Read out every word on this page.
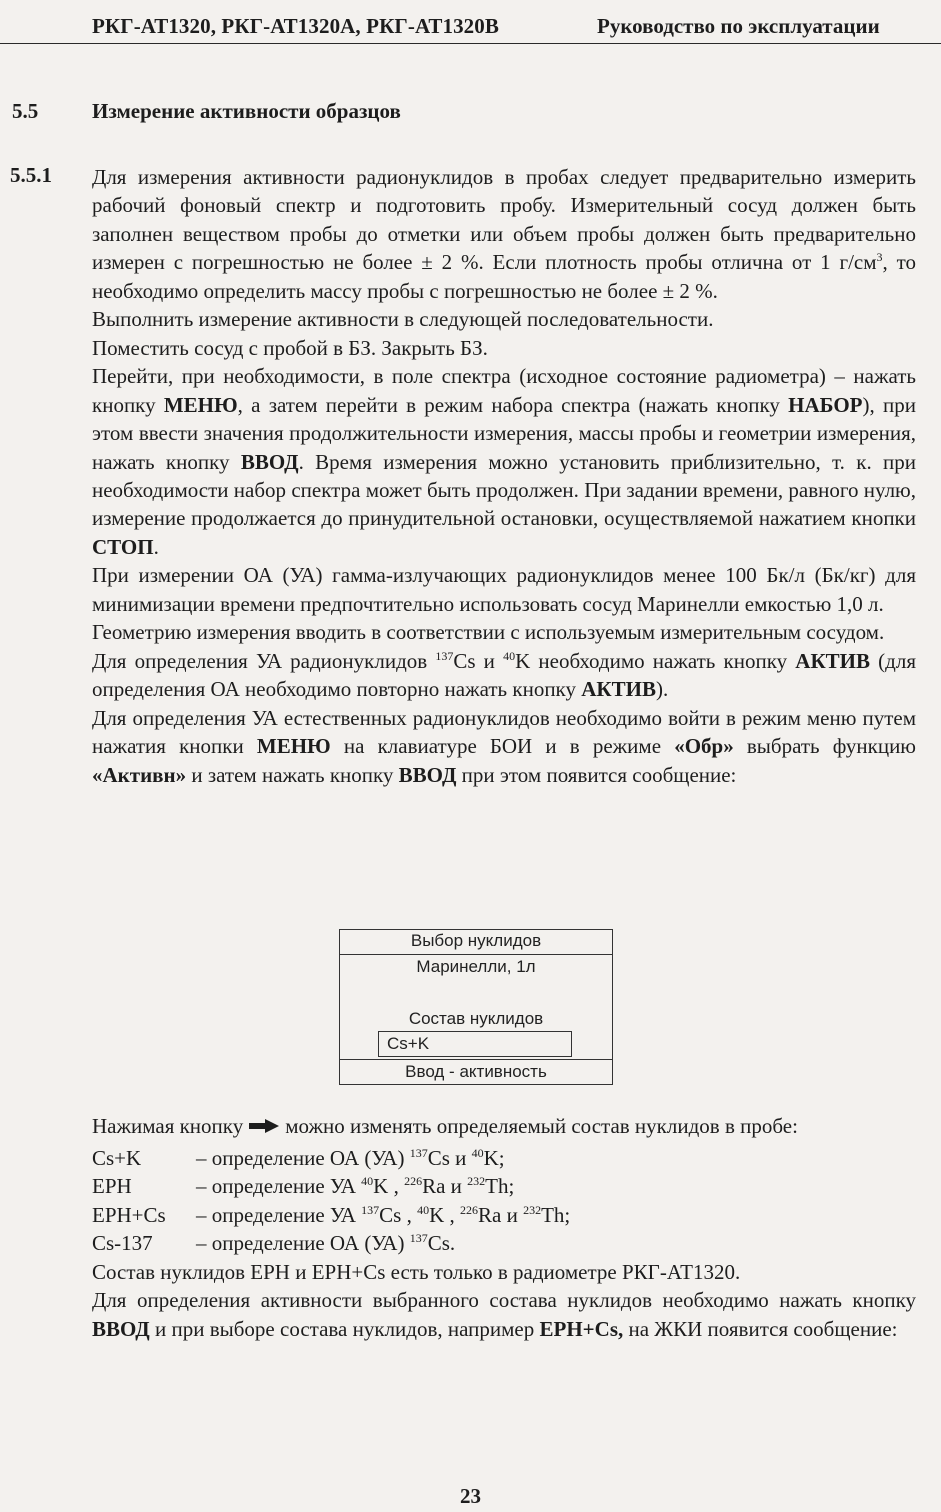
РКГ-АТ1320, РКГ-АТ1320А, РКГ-АТ1320В	Руководство по эксплуатации
5.5	Измерение активности образцов
5.5.1 Для измерения активности радионуклидов в пробах следует предварительно измерить рабочий фоновый спектр и подготовить пробу. Измерительный сосуд должен быть заполнен веществом пробы до отметки или объем пробы должен быть предварительно измерен с погрешностью не более ± 2 %. Если плотность пробы отлична от 1 $г/см^3$, то необходимо определить массу пробы с погрешностью не более ± 2 %.

Выполнить измерение активности в следующей последовательности.

Поместить сосуд с пробой в БЗ. Закрыть БЗ.

Перейти, при необходимости, в поле спектра (исходное состояние радиометра) – нажать кнопку МЕНЮ, а затем перейти в режим набора спектра (нажать кнопку НАБОР), при этом ввести значения продолжительности измерения, массы пробы и геометрии измерения, нажать кнопку ВВОД. Время измерения можно установить приблизительно, т. к. при необходимости набор спектра может быть продолжен. При задании времени, равного нулю, измерение продолжается до принудительной остановки, осуществляемой нажатием кнопки СТОП.

При измерении ОА (УА) гамма-излучающих радионуклидов менее 100 Бк/л (Бк/кг) для минимизации времени предпочтительно использовать сосуд Маринелли емкостью 1,0 л.

Геометрию измерения вводить в соответствии с используемым измерительным сосудом.

Для определения УА радионуклидов $^{137}$Cs и $^{40}$K необходимо нажать кнопку АКТИВ (для определения ОА необходимо повторно нажать кнопку АКТИВ).

Для определения УА естественных радионуклидов необходимо войти в режим меню путем нажатия кнопки МЕНЮ на клавиатуре БОИ и в режиме «Обр» выбрать функцию «Активн» и затем нажать кнопку ВВОД при этом появится сообщение:

Выбор нуклидов
Маринелли, 1л
Состав нуклидов
Cs+K
Ввод - активность

Нажимая кнопку можно изменять определяемый состав нуклидов в пробе:

Cs+K	– определение ОА (УА) $^{137}$Cs и $^{40}$K;
ЕРН	– определение УА $^{40}$K , $^{226}$Ra и $^{232}$Th;
ЕРН+Cs – определение УА $^{137}$Cs , $^{40}$K , $^{226}$Ra и $^{232}$Th;
Cs-137 – определение ОА (УА) $^{137}$Cs.

Состав нуклидов ЕРН и ЕРН+Cs есть только в радиометре РКГ-АТ1320.

Для определения активности выбранного состава нуклидов необходимо нажать кнопку ВВОД и при выборе состава нуклидов, например ЕРН+Cs, на ЖКИ появится сообщение:

23
